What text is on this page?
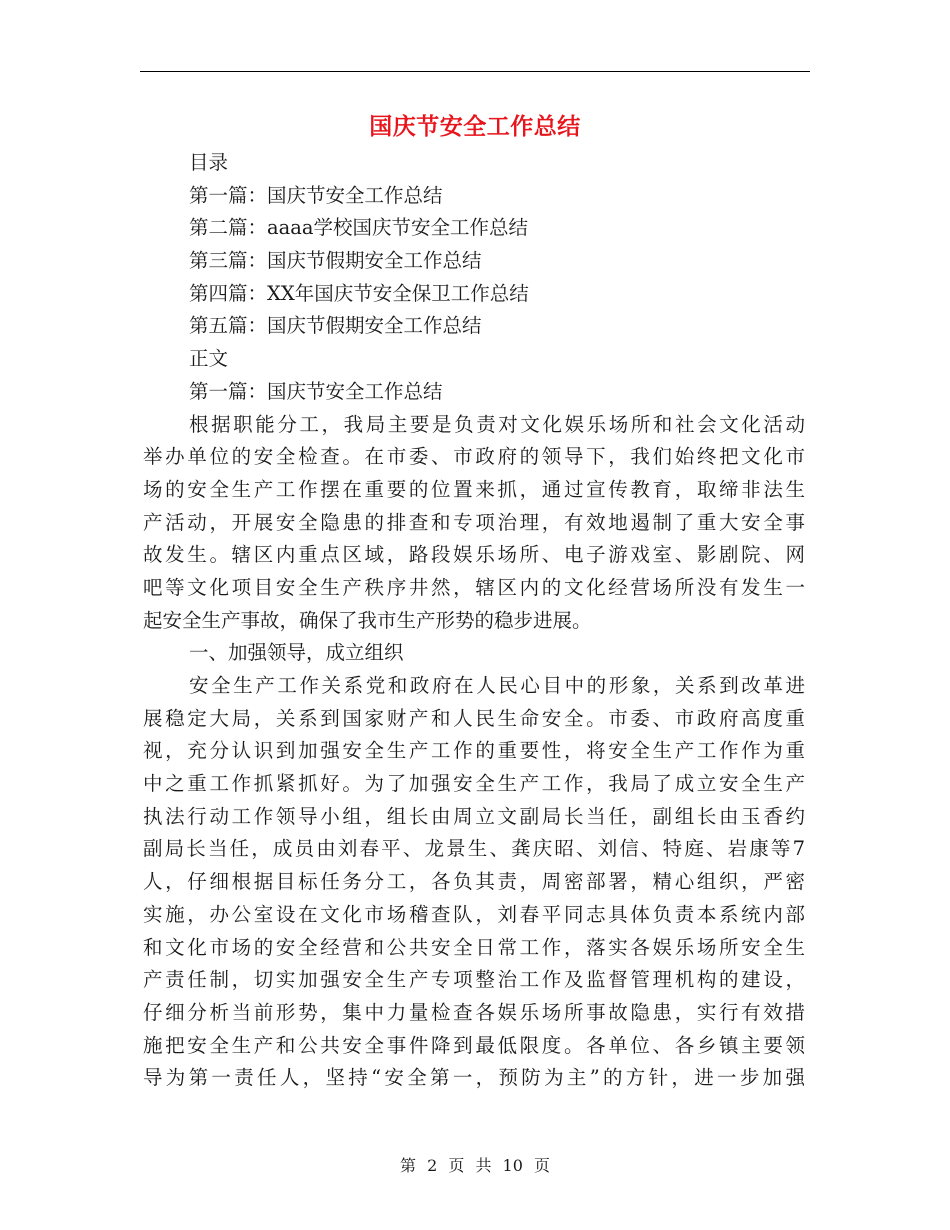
国庆节安全工作总结
目录
第一篇：国庆节安全工作总结
第二篇：aaaa学校国庆节安全工作总结
第三篇：国庆节假期安全工作总结
第四篇：XX年国庆节安全保卫工作总结
第五篇：国庆节假期安全工作总结
正文
第一篇：国庆节安全工作总结
根据职能分工，我局主要是负责对文化娱乐场所和社会文化活动
举办单位的安全检查。在市委、市政府的领导下，我们始终把文化市
场的安全生产工作摆在重要的位置来抓，通过宣传教育，取缔非法生
产活动，开展安全隐患的排查和专项治理，有效地遏制了重大安全事
故发生。辖区内重点区域，路段娱乐场所、电子游戏室、影剧院、网
吧等文化项目安全生产秩序井然，辖区内的文化经营场所没有发生一
起安全生产事故，确保了我市生产形势的稳步进展。
一、加强领导，成立组织
安全生产工作关系党和政府在人民心目中的形象，关系到改革进
展稳定大局，关系到国家财产和人民生命安全。市委、市政府高度重
视，充分认识到加强安全生产工作的重要性，将安全生产工作作为重
中之重工作抓紧抓好。为了加强安全生产工作，我局了成立安全生产
执法行动工作领导小组，组长由周立文副局长当任，副组长由玉香约
副局长当任，成员由刘春平、龙景生、龚庆昭、刘信、特庭、岩康等7
人，仔细根据目标任务分工，各负其责，周密部署，精心组织，严密
实施，办公室设在文化市场稽查队，刘春平同志具体负责本系统内部
和文化市场的安全经营和公共安全日常工作，落实各娱乐场所安全生
产责任制，切实加强安全生产专项整治工作及监督管理机构的建设，
仔细分析当前形势，集中力量检查各娱乐场所事故隐患，实行有效措
施把安全生产和公共安全事件降到最低限度。各单位、各乡镇主要领
导为第一责任人，坚持“安全第一，预防为主”的方针，进一步加强
第 2 页 共 10 页
